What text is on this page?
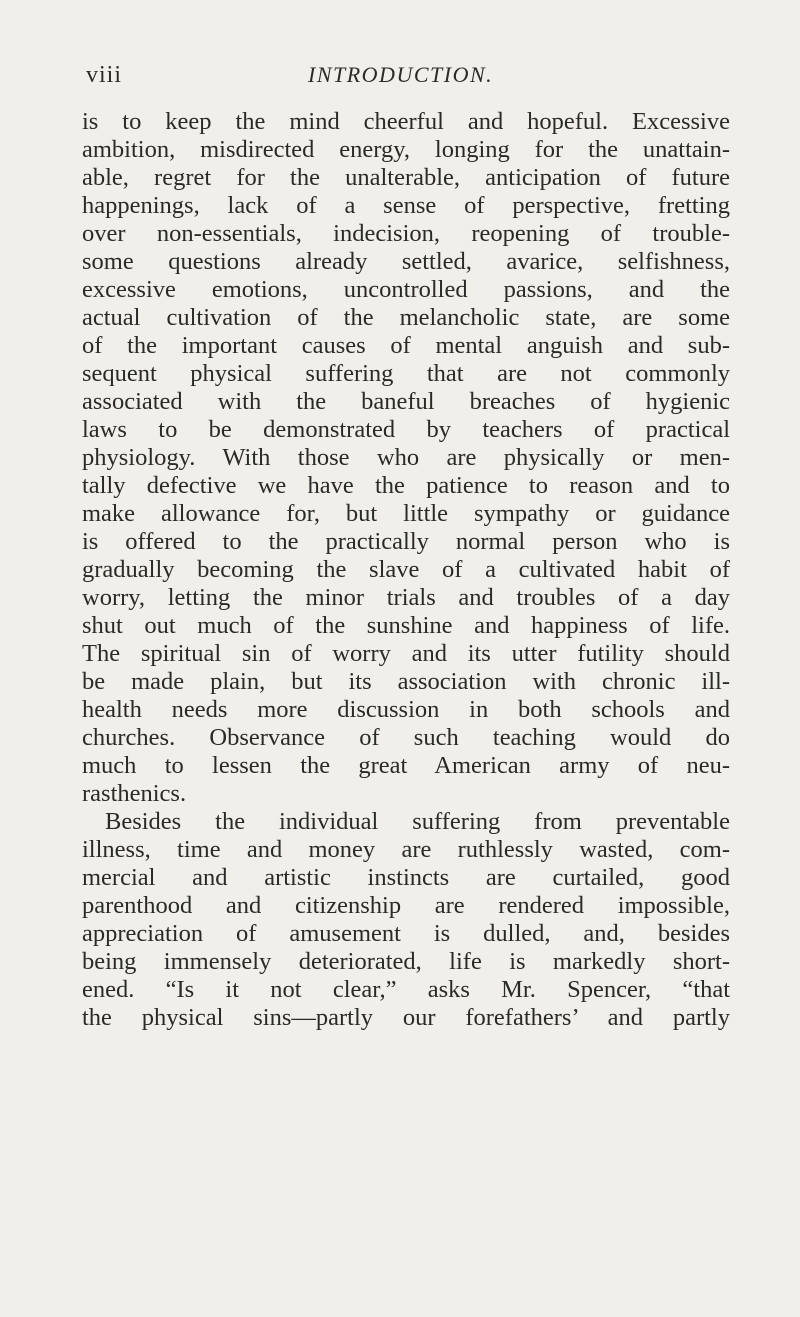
viii	INTRODUCTION.
is to keep the mind cheerful and hopeful. Excessive
ambition, misdirected energy, longing for the unattain-
able, regret for the unalterable, anticipation of future
happenings, lack of a sense of perspective, fretting
over non-essentials, indecision, reopening of trouble-
some questions already settled, avarice, selfishness,
excessive emotions, uncontrolled passions, and the
actual cultivation of the melancholic state, are some
of the important causes of mental anguish and sub-
sequent physical suffering that are not commonly
associated with the baneful breaches of hygienic
laws to be demonstrated by teachers of practical
physiology. With those who are physically or men-
tally defective we have the patience to reason and to
make allowance for, but little sympathy or guidance
is offered to the practically normal person who is
gradually becoming the slave of a cultivated habit of
worry, letting the minor trials and troubles of a day
shut out much of the sunshine and happiness of life.
The spiritual sin of worry and its utter futility should
be made plain, but its association with chronic ill-
health needs more discussion in both schools and
churches. Observance of such teaching would do
much to lessen the great American army of neu-
rasthenics.
Besides the individual suffering from preventable
illness, time and money are ruthlessly wasted, com-
mercial and artistic instincts are curtailed, good
parenthood and citizenship are rendered impossible,
appreciation of amusement is dulled, and, besides
being immensely deteriorated, life is markedly short-
ened. “Is it not clear,” asks Mr. Spencer, “that
the physical sins—partly our forefathers’ and partly
